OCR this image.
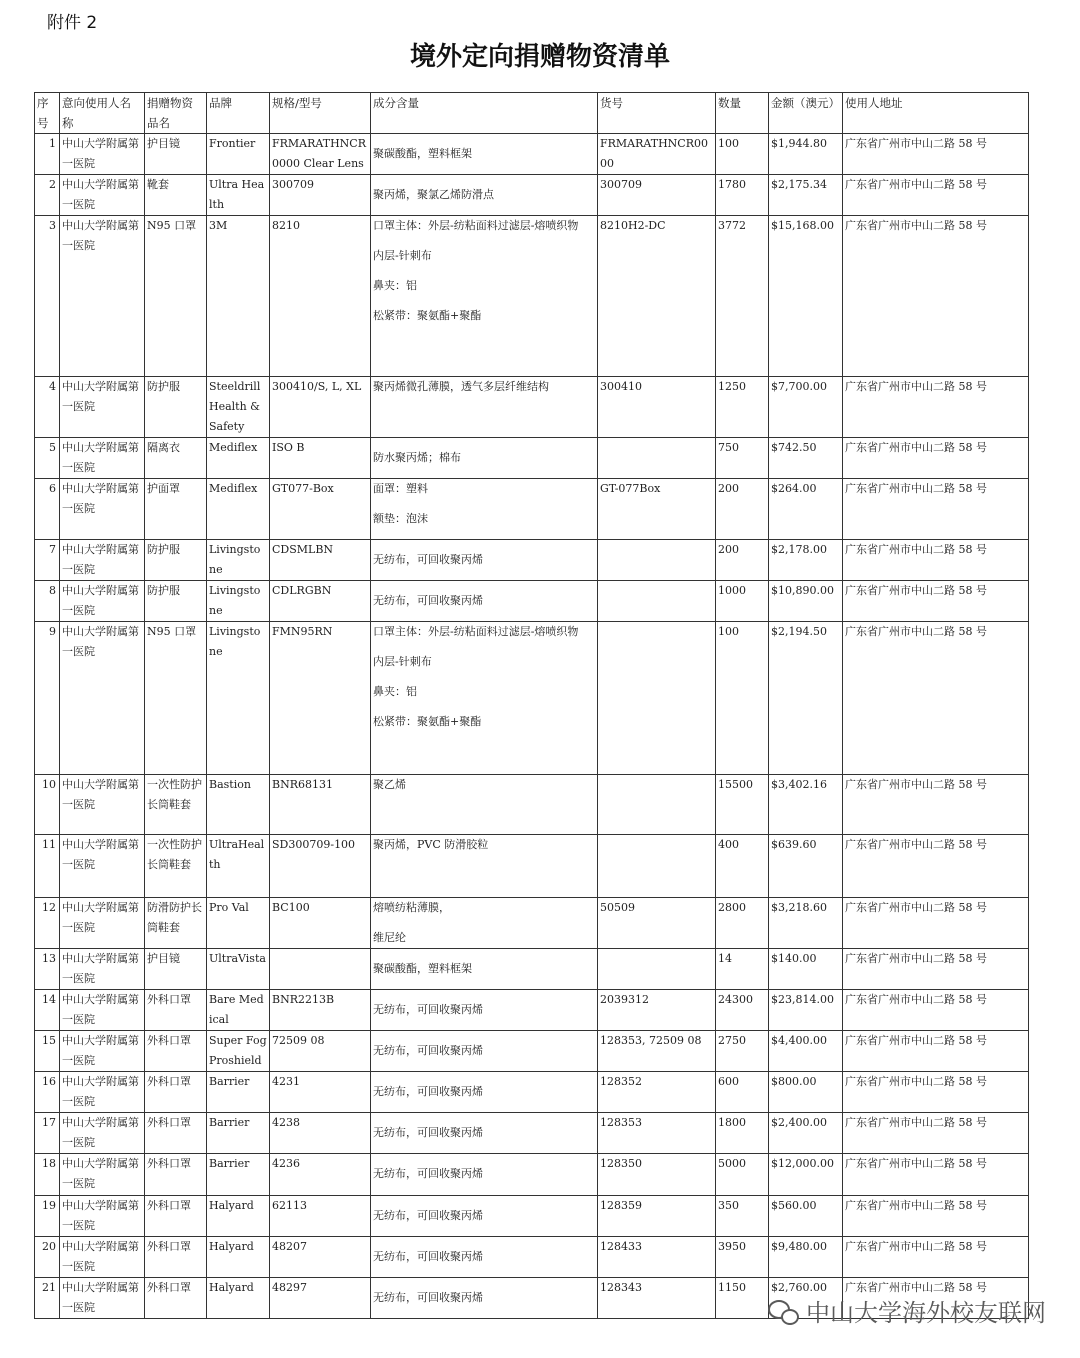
附件 2
境外定向捐赠物资清单
序号	意向使用人名称	捐赠物资品名	品牌	规格/型号	成分含量	货号	数量	金额（澳元）	使用人地址
1	中山大学附属第一医院	护目镜	Frontier	FRMARATHNCR0000 Clear Lens	聚碳酸酯，塑料框架	FRMARATHNCR0000	100	$1,944.80	广东省广州市中山二路 58 号
2	中山大学附属第一医院	靴套	Ultra Health	300709	聚丙烯，聚氯乙烯防滑点	300709	1780	$2,175.34	广东省广州市中山二路 58 号
3	中山大学附属第一医院	N95 口罩	3M	8210	口罩主体：外层-纺粘面料过滤层-熔喷织物
内层-针刺布
鼻夹：铝
松紧带：聚氨酯+聚酯	8210H2-DC	3772	$15,168.00	广东省广州市中山二路 58 号
4	中山大学附属第一医院	防护服	Steeldrill Health & Safety	300410/S, L, XL	聚丙烯微孔薄膜，透气多层纤维结构	300410	1250	$7,700.00	广东省广州市中山二路 58 号
5	中山大学附属第一医院	隔离衣	Mediflex	ISO B	防水聚丙烯；棉布		750	$742.50	广东省广州市中山二路 58 号
6	中山大学附属第一医院	护面罩	Mediflex	GT077-Box	面罩：塑料
额垫：泡沫	GT-077Box	200	$264.00	广东省广州市中山二路 58 号
7	中山大学附属第一医院	防护服	Livingstone	CDSMLBN	无纺布，可回收聚丙烯		200	$2,178.00	广东省广州市中山二路 58 号
8	中山大学附属第一医院	防护服	Livingstone	CDLRGBN	无纺布，可回收聚丙烯		1000	$10,890.00	广东省广州市中山二路 58 号
9	中山大学附属第一医院	N95 口罩	Livingstone	FMN95RN	口罩主体：外层-纺粘面料过滤层-熔喷织物
内层-针刺布
鼻夹：铝
松紧带：聚氨酯+聚酯		100	$2,194.50	广东省广州市中山二路 58 号
10	中山大学附属第一医院	一次性防护长筒鞋套	Bastion	BNR68131	聚乙烯		15500	$3,402.16	广东省广州市中山二路 58 号
11	中山大学附属第一医院	一次性防护长筒鞋套	UltraHealth	SD300709-100	聚丙烯，PVC 防滑胶粒		400	$639.60	广东省广州市中山二路 58 号
12	中山大学附属第一医院	防滑防护长筒鞋套	Pro Val	BC100	熔喷纺粘薄膜，
维尼纶	50509	2800	$3,218.60	广东省广州市中山二路 58 号
13	中山大学附属第一医院	护目镜	UltraVista		聚碳酸酯，塑料框架		14	$140.00	广东省广州市中山二路 58 号
14	中山大学附属第一医院	外科口罩	Bare Medical	BNR2213B	无纺布，可回收聚丙烯	2039312	24300	$23,814.00	广东省广州市中山二路 58 号
15	中山大学附属第一医院	外科口罩	Super Fog Proshield	72509 08	无纺布，可回收聚丙烯	128353, 72509 08	2750	$4,400.00	广东省广州市中山二路 58 号
16	中山大学附属第一医院	外科口罩	Barrier	4231	无纺布，可回收聚丙烯	128352	600	$800.00	广东省广州市中山二路 58 号
17	中山大学附属第一医院	外科口罩	Barrier	4238	无纺布，可回收聚丙烯	128353	1800	$2,400.00	广东省广州市中山二路 58 号
18	中山大学附属第一医院	外科口罩	Barrier	4236	无纺布，可回收聚丙烯	128350	5000	$12,000.00	广东省广州市中山二路 58 号
19	中山大学附属第一医院	外科口罩	Halyard	62113	无纺布，可回收聚丙烯	128359	350	$560.00	广东省广州市中山二路 58 号
20	中山大学附属第一医院	外科口罩	Halyard	48207	无纺布，可回收聚丙烯	128433	3950	$9,480.00	广东省广州市中山二路 58 号
21	中山大学附属第一医院	外科口罩	Halyard	48297	无纺布，可回收聚丙烯	128343	1150	$2,760.00	广东省广州市中山二路 58 号
中山大学海外校友联网
